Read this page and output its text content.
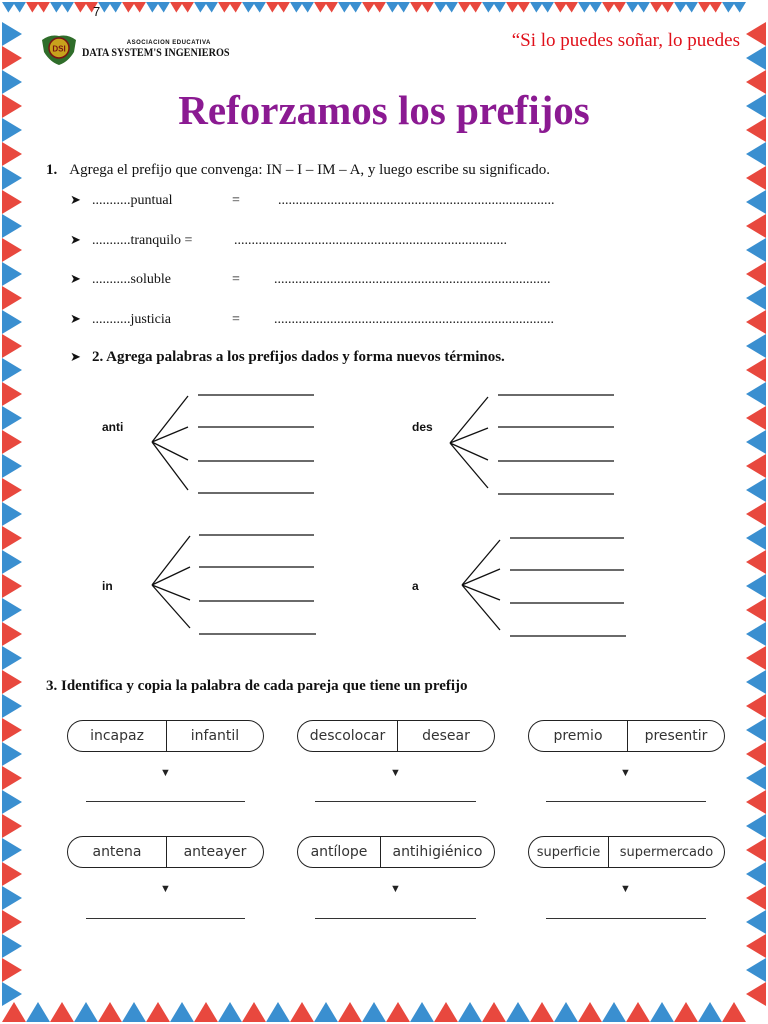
7
DSI
ASOCIACION EDUCATIVA
DATA SYSTEM'S INGENIEROS
“Si lo puedes soñar, lo puedes
Reforzamos los prefijos
1. Agrega el prefijo que convenga: IN – I – IM – A, y luego escribe su significado.
➤ ...........puntual	=	...............................................................................
➤ ...........tranquilo =	..............................................................................
➤ ...........soluble	= ...............................................................................
➤ ...........justicia	= ................................................................................
➤ 2. Agrega palabras a los prefijos dados y forma nuevos términos.
anti	des
in	a
3. Identifica y copia la palabra de cada pareja que tiene un prefijo
incapaz	infantil	descolocar	desear	premio	presentir
▼	▼	▼
antena	anteayer	antílope	antihigiénico	superficie	supermercado
▼	▼	▼
